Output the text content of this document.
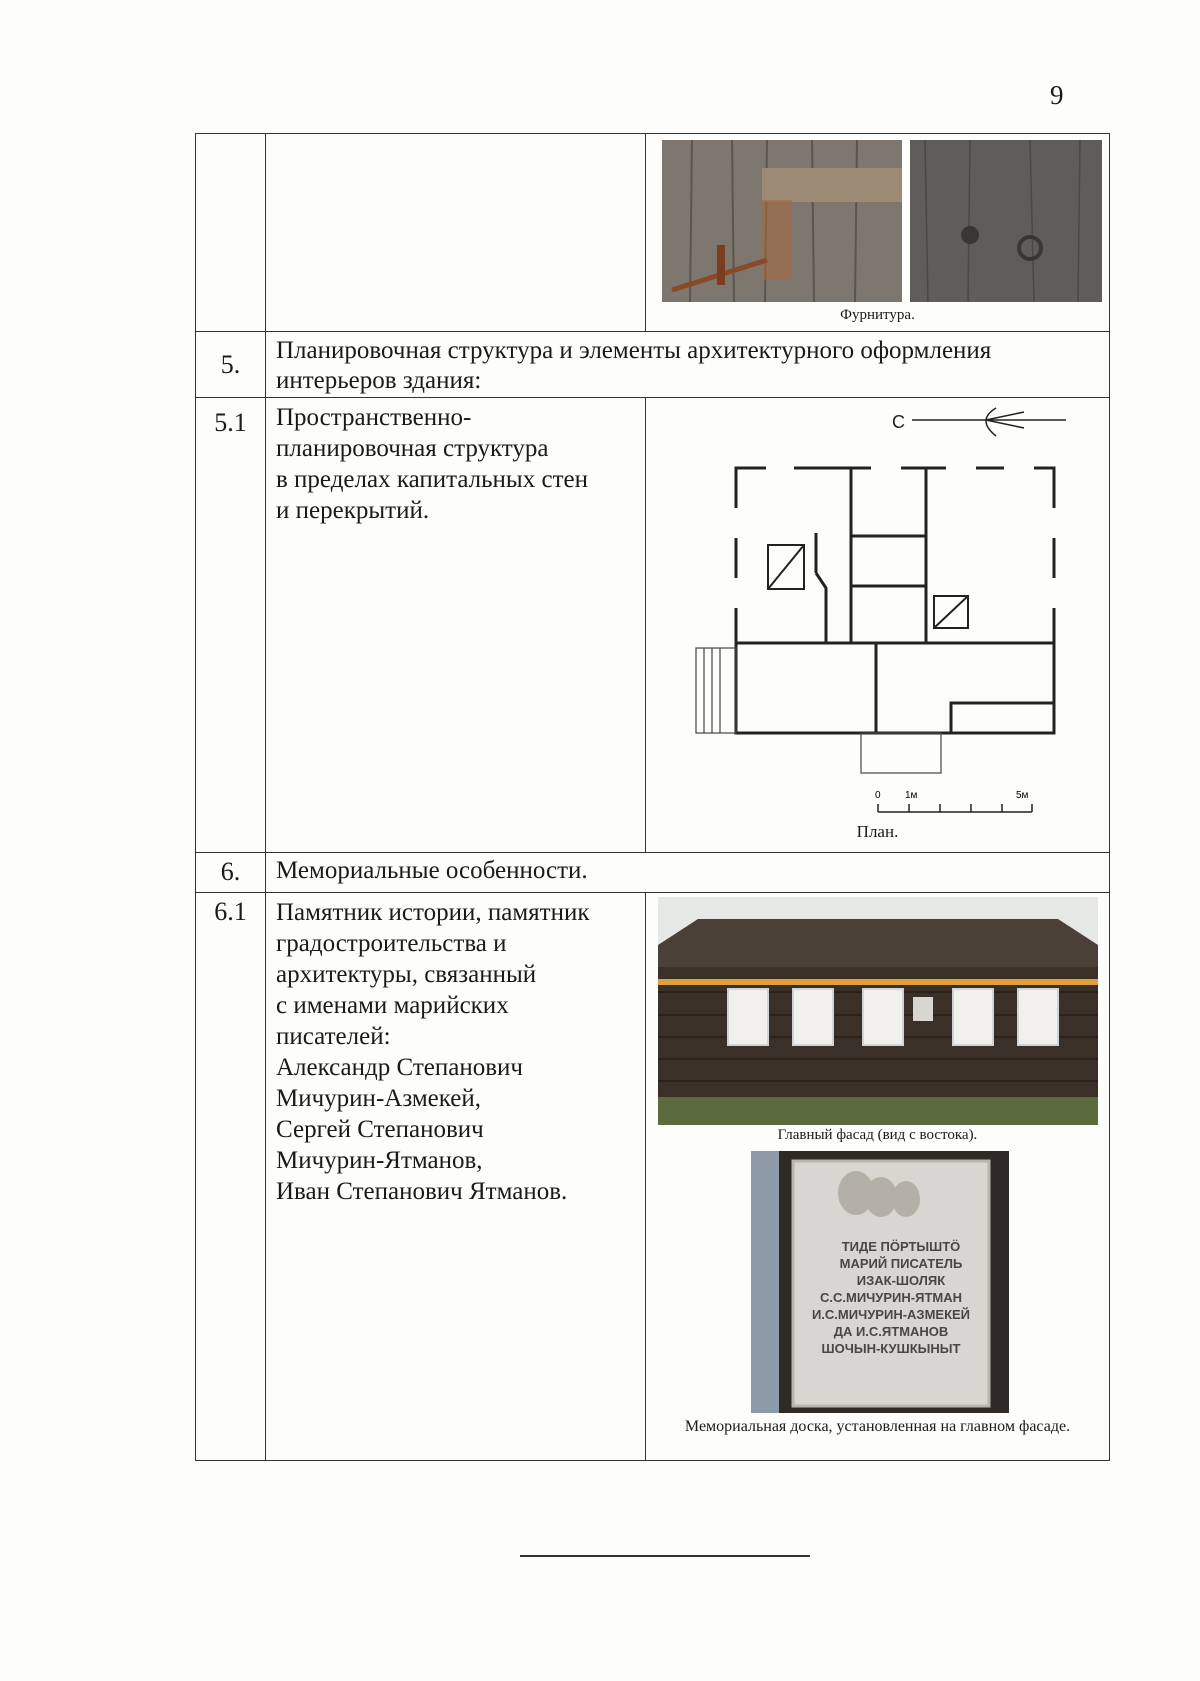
9
Фурнитура.
5.	Планировочная структура и элементы архитектурного оформления интерьеров здания:
5.1	Пространственно-
планировочная структура
в пределах капитальных стен
и перекрытий.
С
0 1м	5м
План.
6.	Мемориальные особенности.
6.1	Памятник истории, памятник
градостроительства и
архитектуры, связанный
с именами марийских
писателей:
Александр Степанович
Мичурин-Азмекей,
Сергей Степанович
Мичурин-Ятманов,
Иван Степанович Ятманов.
Главный фасад (вид с востока).
ТИДЕ ПÖРТЫШТÖ
МАРИЙ ПИСАТЕЛЬ
ИЗАК-ШОЛЯК
С.С.МИЧУРИН-ЯТМАН
И.С.МИЧУРИН-АЗМЕКЕЙ
ДА И.С.ЯТМАНОВ
ШОЧЫН-КУШКЫНЫТ
Мемориальная доска, установленная на главном фасаде.
